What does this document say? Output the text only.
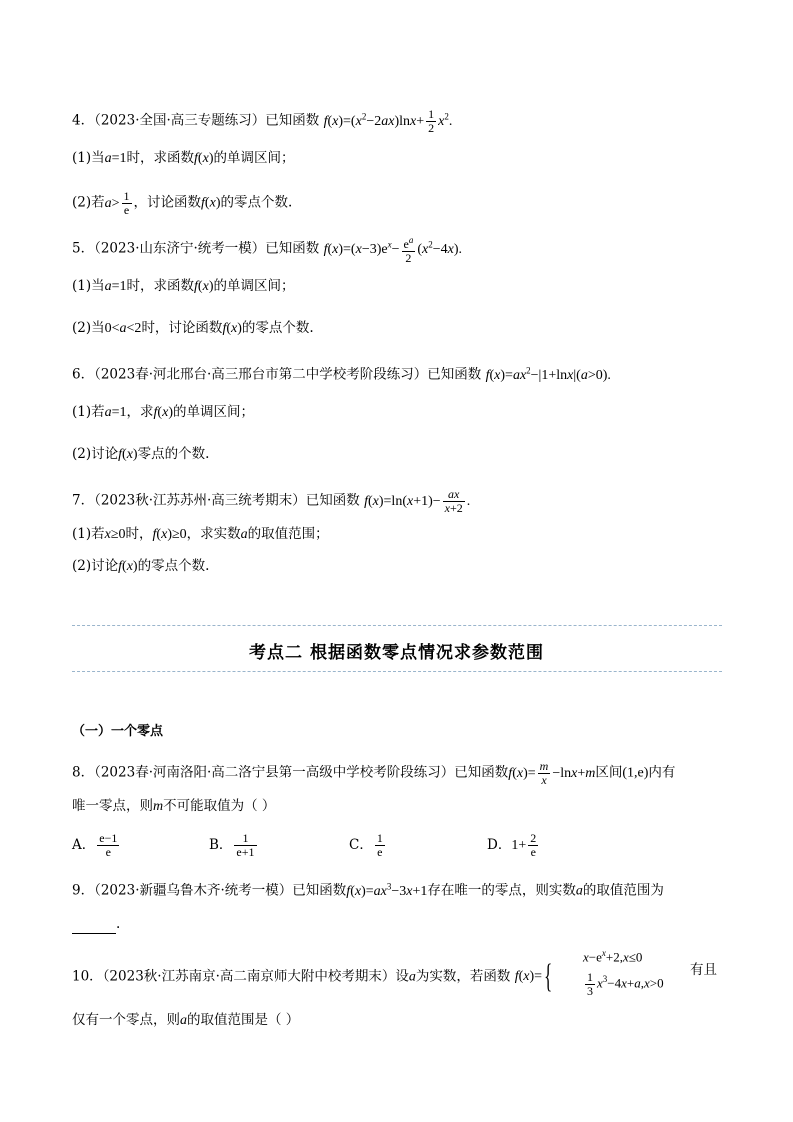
4．（2023·全国·高三专题练习）已知函数 $f(x)=(x^2-2ax)\ln x+ \frac{1}{2} x^2$.
(1)当a=1时，求函数f(x)的单调区间；
(2)若$a> \frac{1}{e}$ ，讨论函数f(x)的零点个数.
5．（2023·山东济宁·统考一模）已知函数 $f(x)=(x-3)e^x- \frac{e^a}{2} (x^2-4x)$.
(1)当a=1时，求函数f(x)的单调区间；
(2)当0<a<2时，讨论函数f(x)的零点个数.
6．（2023春·河北邢台·高三邢台市第二中学校考阶段练习）已知函数 $f(x)=ax^2-|1+\ln x|(a>0)$.
(1)若a=1，求f(x)的单调区间；
(2)讨论f(x)零点的个数.
7．（2023秋·江苏苏州·高三统考期末）已知函数 $f(x)=\ln(x+1)- \frac{ax}{x+2}$ .
(1)若x≥0时，f(x)≥0，求实数a的取值范围；
(2)讨论f(x)的零点个数.
考点二 根据函数零点情况求参数范围
（一）一个零点
8．（2023春·河南洛阳·高二洛宁县第一高级中学校考阶段练习）已知函数$f(x)= \frac{m}{x} -\ln x+m$区间(1,e)内有
唯一零点，则m不可能取值为（ ）
A． $\frac{e-1}{e}$	B． $\frac{1}{e+1}$	C． $\frac{1}{e}$	D．$1+ \frac{2}{e}$
9．（2023·新疆乌鲁木齐·统考一模）已知函数$f(x)=ax^3-3x+1$存在唯一的零点，则实数a的取值范围为
.
10．（2023秋·江苏南京·高二南京师大附中校考期末）设a为实数，若函数 f(x)= {
$x-e^x+2,x\le 0$
$\frac{1}{3} x^3-4x+a,x>0$
有且
仅有一个零点，则a的取值范围是（ ）
